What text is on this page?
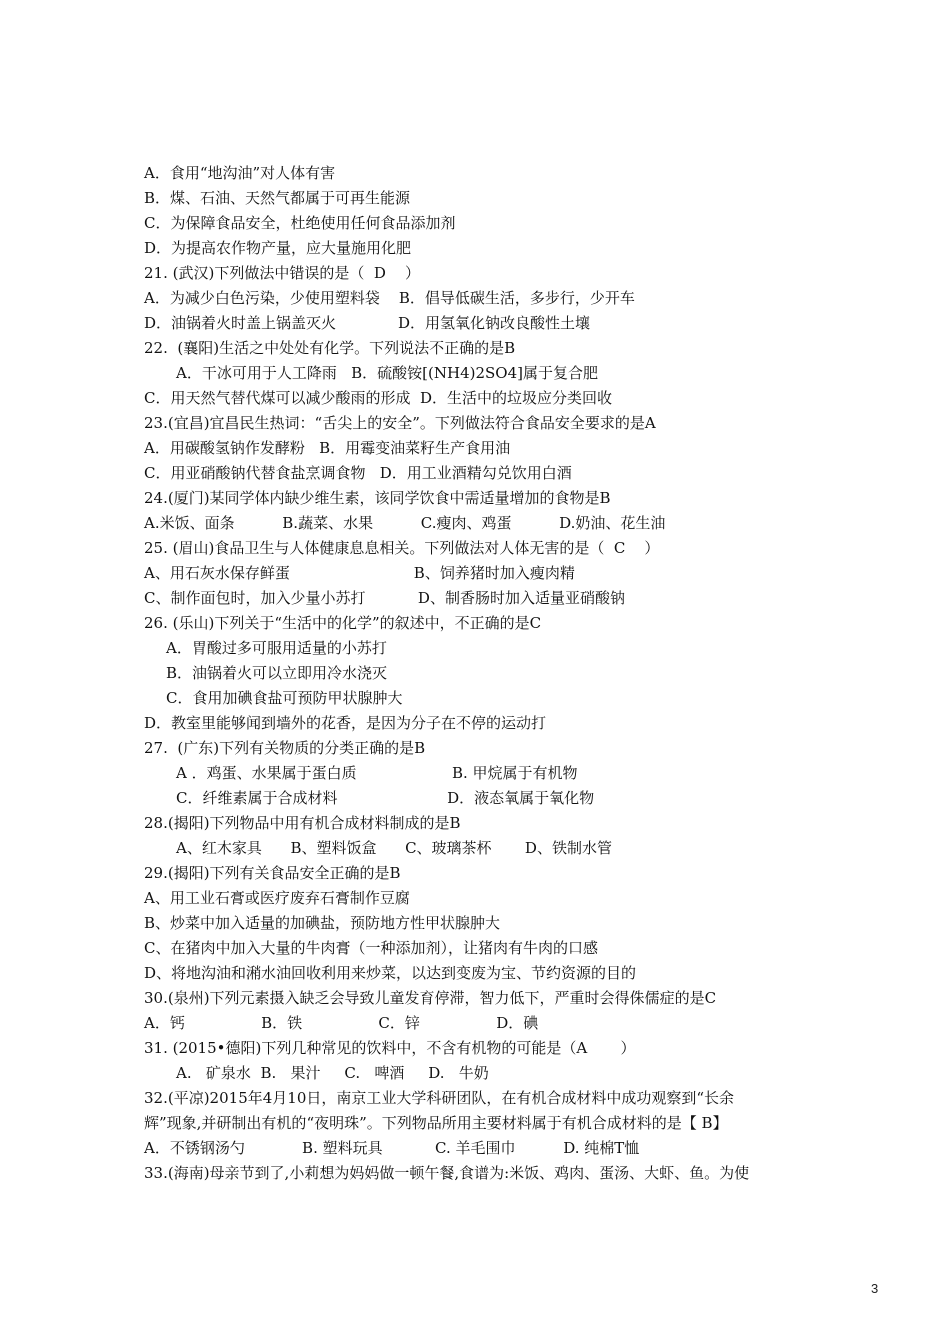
A．食用“地沟油”对人体有害
B．煤、石油、天然气都属于可再生能源
C．为保障食品安全，杜绝使用任何食品添加剂
D．为提高农作物产量，应大量施用化肥
21. (武汉)下列做法中错误的是（  D    ）
A．为减少白色污染，少使用塑料袋    B．倡导低碳生活，多步行，少开车
D．油锅着火时盖上锅盖灭火             D．用氢氧化钠改良酸性土壤
22.  (襄阳)生活之中处处有化学。下列说法不正确的是B
A．干冰可用于人工降雨   B．硫酸铵[(NH4)2SO4]属于复合肥
C．用天然气替代煤可以减少酸雨的形成  D．生活中的垃圾应分类回收
23.(宜昌)宜昌民生热词：“舌尖上的安全”。下列做法符合食品安全要求的是A
A．用碳酸氢钠作发酵粉   B．用霉变油菜籽生产食用油
C．用亚硝酸钠代替食盐烹调食物   D．用工业酒精勾兑饮用白酒
24.(厦门)某同学体内缺少维生素，该同学饮食中需适量增加的食物是B
A.米饭、面条          B.蔬菜、水果          C.瘦肉、鸡蛋          D.奶油、花生油
25. (眉山)食品卫生与人体健康息息相关。下列做法对人体无害的是（  C    ）
A、用石灰水保存鲜蛋                          B、饲养猪时加入瘦肉精
C、制作面包时，加入少量小苏打           D、制香肠时加入适量亚硝酸钠
26. (乐山)下列关于“生活中的化学”的叙述中，不正确的是C
A．胃酸过多可服用适量的小苏打
B．油锅着火可以立即用冷水浇灭
C．食用加碘食盐可预防甲状腺肿大
D．教室里能够闻到墙外的花香，是因为分子在不停的运动打
27.  (广东)下列有关物质的分类正确的是B
A ．鸡蛋、水果属于蛋白质                    B. 甲烷属于有机物
C．纤维素属于合成材料                       D．液态氧属于氧化物
28.(揭阳)下列物品中用有机合成材料制成的是B
A、红木家具      B、塑料饭盒      C、玻璃茶杯       D、铁制水管
29.(揭阳)下列有关食品安全正确的是B
A、用工业石膏或医疗废弃石膏制作豆腐
B、炒菜中加入适量的加碘盐，预防地方性甲状腺肿大
C、在猪肉中加入大量的牛肉膏（一种添加剂），让猪肉有牛肉的口感
D、将地沟油和潲水油回收利用来炒菜，以达到变废为宝、节约资源的目的
30.(泉州)下列元素摄入缺乏会导致儿童发育停滞，智力低下，严重时会得侏儒症的是C
A．钙                B．铁                C．锌                D．碘
31. (2015•德阳)下列几种常见的饮料中，不含有机物的可能是（A       ）
A.   矿泉水  B.   果汁     C.   啤酒     D.   牛奶
32.(平凉)2015年4月10日，南京工业大学科研团队，在有机合成材料中成功观察到“长余
辉”现象,并研制出有机的“夜明珠”。下列物品所用主要材料属于有机合成材料的是【 B】
A．不锈钢汤勺            B. 塑料玩具           C. 羊毛围巾          D. 纯棉T恤
33.(海南)母亲节到了,小莉想为妈妈做一顿午餐,食谱为:米饭、鸡肉、蛋汤、大虾、鱼。为使
3
